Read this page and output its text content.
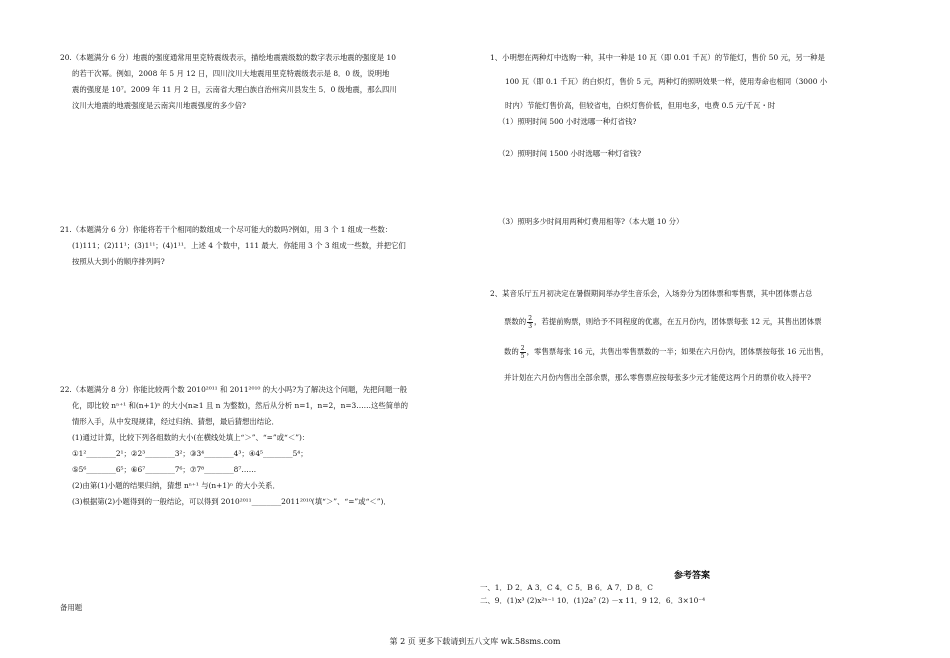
20.（本题满分 6 分）地震的强度通常用里克特震级表示，描绘地震震级数的数字表示地震的强度是 10

的若干次幂。例如，2008 年 5 月 12 日，四川汶川大地震用里克特震级表示是 8．0 级，说明地

震的强度是 10⁷。2009 年 11 月 2 日，云南省大理白族自治州宾川县发生 5．0 级地震，那么四川

汶川大地震的地震强度是云南宾川地震强度的多少倍?

21.（本题满分 6 分）你能将若干个相同的数组成一个尽可能大的数吗?例如，用 3 个 1 组成一些数：

(1)111；(2)11¹；(3)1¹¹；(4)1¹¹．上述 4 个数中，111 最大．你能用 3 个 3 组成一些数，并把它们

按照从大到小的顺序排列吗?

22.（本题满分 8 分）你能比较两个数 2010²⁰¹¹ 和 2011²⁰¹⁰ 的大小吗?为了解决这个问题，先把问题一般

化，即比较 nⁿ⁺¹ 和(n+1)ⁿ 的大小(n≥1 且 n 为整数)，然后从分析 n=1，n=2，n=3……这些简单的

情形入手，从中发现规律，经过归纳、猜想，最后猜想出结论．

(1)通过计算，比较下列各组数的大小(在横线处填上“＞”、“=”或“＜”)：

①1²________2¹；②2³________3²；③3⁴________4³；④4⁵________5⁴；

⑤5⁶________6⁵；⑥6⁷________7⁶；⑦7⁸________8⁷……

(2)由第(1)小题的结果归纳，猜想 nⁿ⁺¹ 与(n+1)ⁿ 的大小关系．

(3)根据第(2)小题得到的一般结论，可以得到 2010²⁰¹¹________2011²⁰¹⁰(填“＞”、“=”或“＜”)．

备用题

1、小明想在两种灯中选购一种，其中一种是 10 瓦（即 0.01 千瓦）的节能灯，售价 50 元，另一种是

100 瓦（即 0.1 千瓦）的白炽灯，售价 5 元，两种灯的照明效果一样，使用寿命也相同（3000 小

时内）节能灯售价高，但较省电，白炽灯售价低，但用电多，电费 0.5 元/千瓦・时

（1）照明时间 500 小时选哪一种灯省钱?

（2）照明时间 1500 小时选哪一种灯省钱?

（3）照明多少时间用两种灯费用相等?（本大题 10 分）

2、某音乐厅五月初决定在暑假期间举办学生音乐会，入场券分为团体票和零售票，其中团体票占总

票数的 $\frac{2}{3}$ ，若提前购票，则给予不同程度的优惠，在五月份内，团体票每张 12 元，其售出团体票

数的 $\frac{2}{5}$ ，零售票每张 16 元，共售出零售票数的一半；如果在六月份内，团体票按每张 16 元出售，

并计划在六月份内售出全部余票，那么零售票应按每张多少元才能使这两个月的票价收入持平?

参考答案

一、1．D 2．A 3．C 4．C 5．B 6．A 7．D 8．C

二、9．(1)x³ (2)x²ⁿ⁻¹ 10．(1)2a⁷ (2) －x 11．9 12．6．3×10⁻⁴

第 2 页 更多下载请到五八文库 wk.58sms.com
